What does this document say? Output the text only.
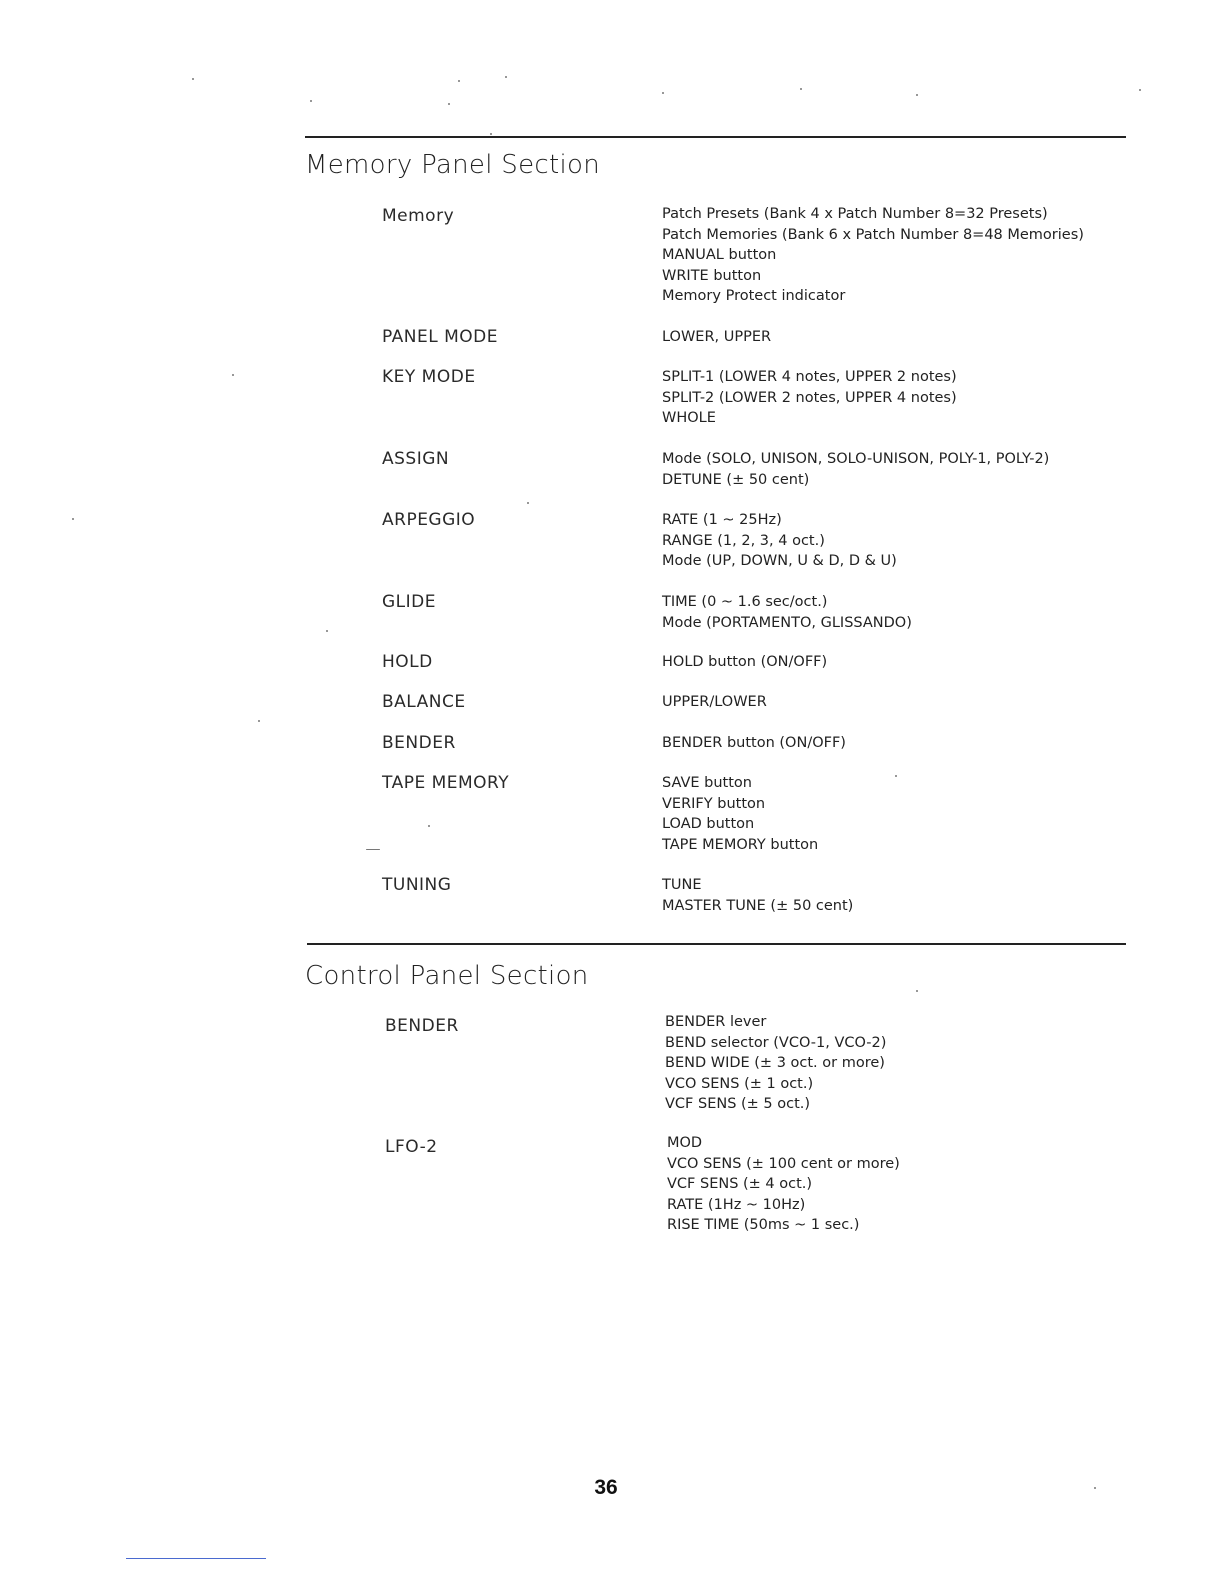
Memory Panel Section
Memory	Patch Presets (Bank 4 x Patch Number 8=32 Presets)
Patch Memories (Bank 6 x Patch Number 8=48 Memories)
MANUAL button
WRITE button
Memory Protect indicator
PANEL MODE	LOWER, UPPER
KEY MODE	SPLIT-1 (LOWER 4 notes, UPPER 2 notes)
SPLIT-2 (LOWER 2 notes, UPPER 4 notes)
WHOLE
ASSIGN	Mode (SOLO, UNISON, SOLO-UNISON, POLY-1, POLY-2)
DETUNE (± 50 cent)
ARPEGGIO	RATE (1 ~ 25Hz)
RANGE (1, 2, 3, 4 oct.)
Mode (UP, DOWN, U & D, D & U)
GLIDE	TIME (0 ~ 1.6 sec/oct.)
Mode (PORTAMENTO, GLISSANDO)
HOLD	HOLD button (ON/OFF)
BALANCE	UPPER/LOWER
BENDER	BENDER button (ON/OFF)
TAPE MEMORY	SAVE button
VERIFY button
LOAD button
TAPE MEMORY button
TUNING	TUNE
MASTER TUNE (± 50 cent)
Control Panel Section
BENDER	BENDER lever
BEND selector (VCO-1, VCO-2)
BEND WIDE (± 3 oct. or more)
VCO SENS (± 1 oct.)
VCF SENS (± 5 oct.)
LFO-2	MOD
VCO SENS (± 100 cent or more)
VCF SENS (± 4 oct.)
RATE (1Hz ~ 10Hz)
RISE TIME (50ms ~ 1 sec.)
36
